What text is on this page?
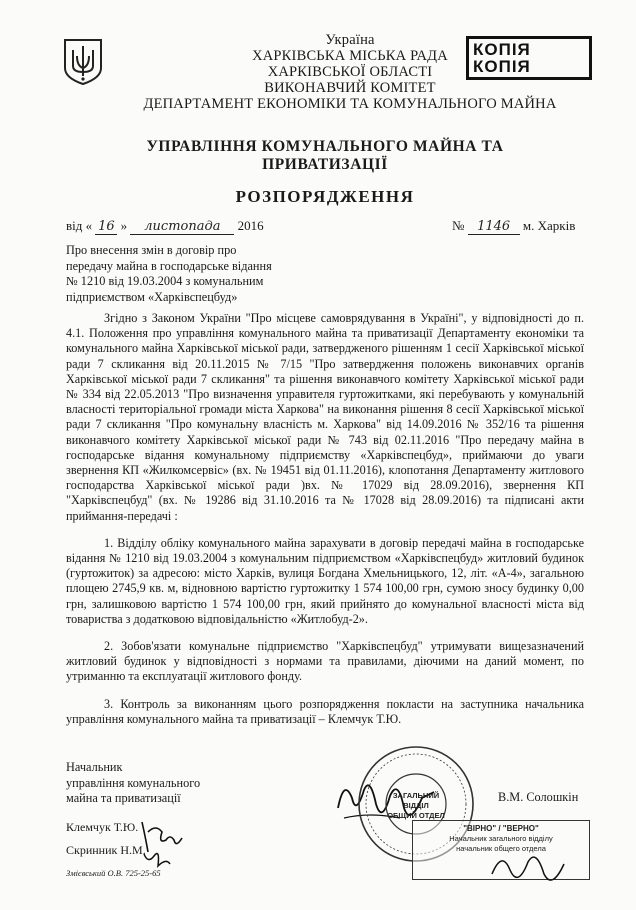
КОПІЯ
КОПІЯ
Україна
ХАРКІВСЬКА МІСЬКА РАДА
ХАРКІВСЬКОЇ ОБЛАСТІ
ВИКОНАВЧИЙ КОМІТЕТ
ДЕПАРТАМЕНТ ЕКОНОМІКИ ТА КОМУНАЛЬНОГО МАЙНА
УПРАВЛІННЯ КОМУНАЛЬНОГО МАЙНА ТА
ПРИВАТИЗАЦІЇ
РОЗПОРЯДЖЕННЯ
від « 16 » листопада 2016	№ 1146 м. Харків
Про внесення змін в договір про
передачу майна в господарське відання
№ 1210 від 19.03.2004 з комунальним
підприємством «Харківспецбуд»

Згідно з Законом України "Про місцеве самоврядування в Україні", у відповідності до п. 4.1. Положення про управління комунального майна та приватизації Департаменту економіки та комунального майна Харківської міської ради, затвердженого рішенням 1 сесії Харківської міської ради 7 скликання від 20.11.2015 № 7/15 "Про затвердження положень виконавчих органів Харківської міської ради 7 скликання" та рішення виконавчого комітету Харківської міської ради № 334 від 22.05.2013 "Про визначення управителя гуртожитками, які перебувають у комунальній власності територіальної громади міста Харкова" на виконання рішення 8 сесії Харківської міської ради 7 скликання "Про комунальну власність м. Харкова" від 14.09.2016 № 352/16 та рішення виконавчого комітету Харківської міської ради № 743 від 02.11.2016 "Про передачу майна в господарське відання комунальному підприємству «Харківспецбуд», приймаючи до уваги звернення КП «Жилкомсервіс» (вх. № 19451 від 01.11.2016), клопотання Департаменту житлового господарства Харківської міської ради )вх. № 17029 від 28.09.2016), звернення КП "Харківспецбуд" (вх. № 19286 від 31.10.2016 та № 17028 від 28.09.2016) та підписані акти приймання-передачі :

1. Відділу обліку комунального майна зарахувати в договір передачі майна в господарське відання № 1210 від 19.03.2004 з комунальним підприємством «Харківспецбуд» житловий будинок (гуртожиток) за адресою: місто Харків, вулиця Богдана Хмельницького, 12, літ. «А-4», загальною площею 2745,9 кв. м, відновною вартістю гуртожитку 1 574 100,00 грн, сумою зносу будинку 0,00 грн, залишковою вартістю 1 574 100,00 грн, який прийнято до комунальної власності міста від товариства з додатковою відповідальністю «Житлобуд-2».

2. Зобов'язати комунальне підприємство "Харківспецбуд" утримувати вищезазначений житловий будинок у відповідності з нормами та правилами, діючими на даний момент, по утриманню та експлуатації житлового фонду.

3. Контроль за виконанням цього розпорядження покласти на заступника начальника управління комунального майна та приватизації – Клемчук Т.Ю.

Начальник
управління комунального
майна та приватизації	В.М. Солошкін
Клемчук Т.Ю.
Скринник Н.М.
Змієвський О.В. 725-25-65
ЗАГАЛЬНИЙ
ВІДДІЛ
ОБЩИЙ ОТДЕЛ
"ВІРНО" / "ВЕРНО"
Начальник загального відділу
начальник общего отдела
